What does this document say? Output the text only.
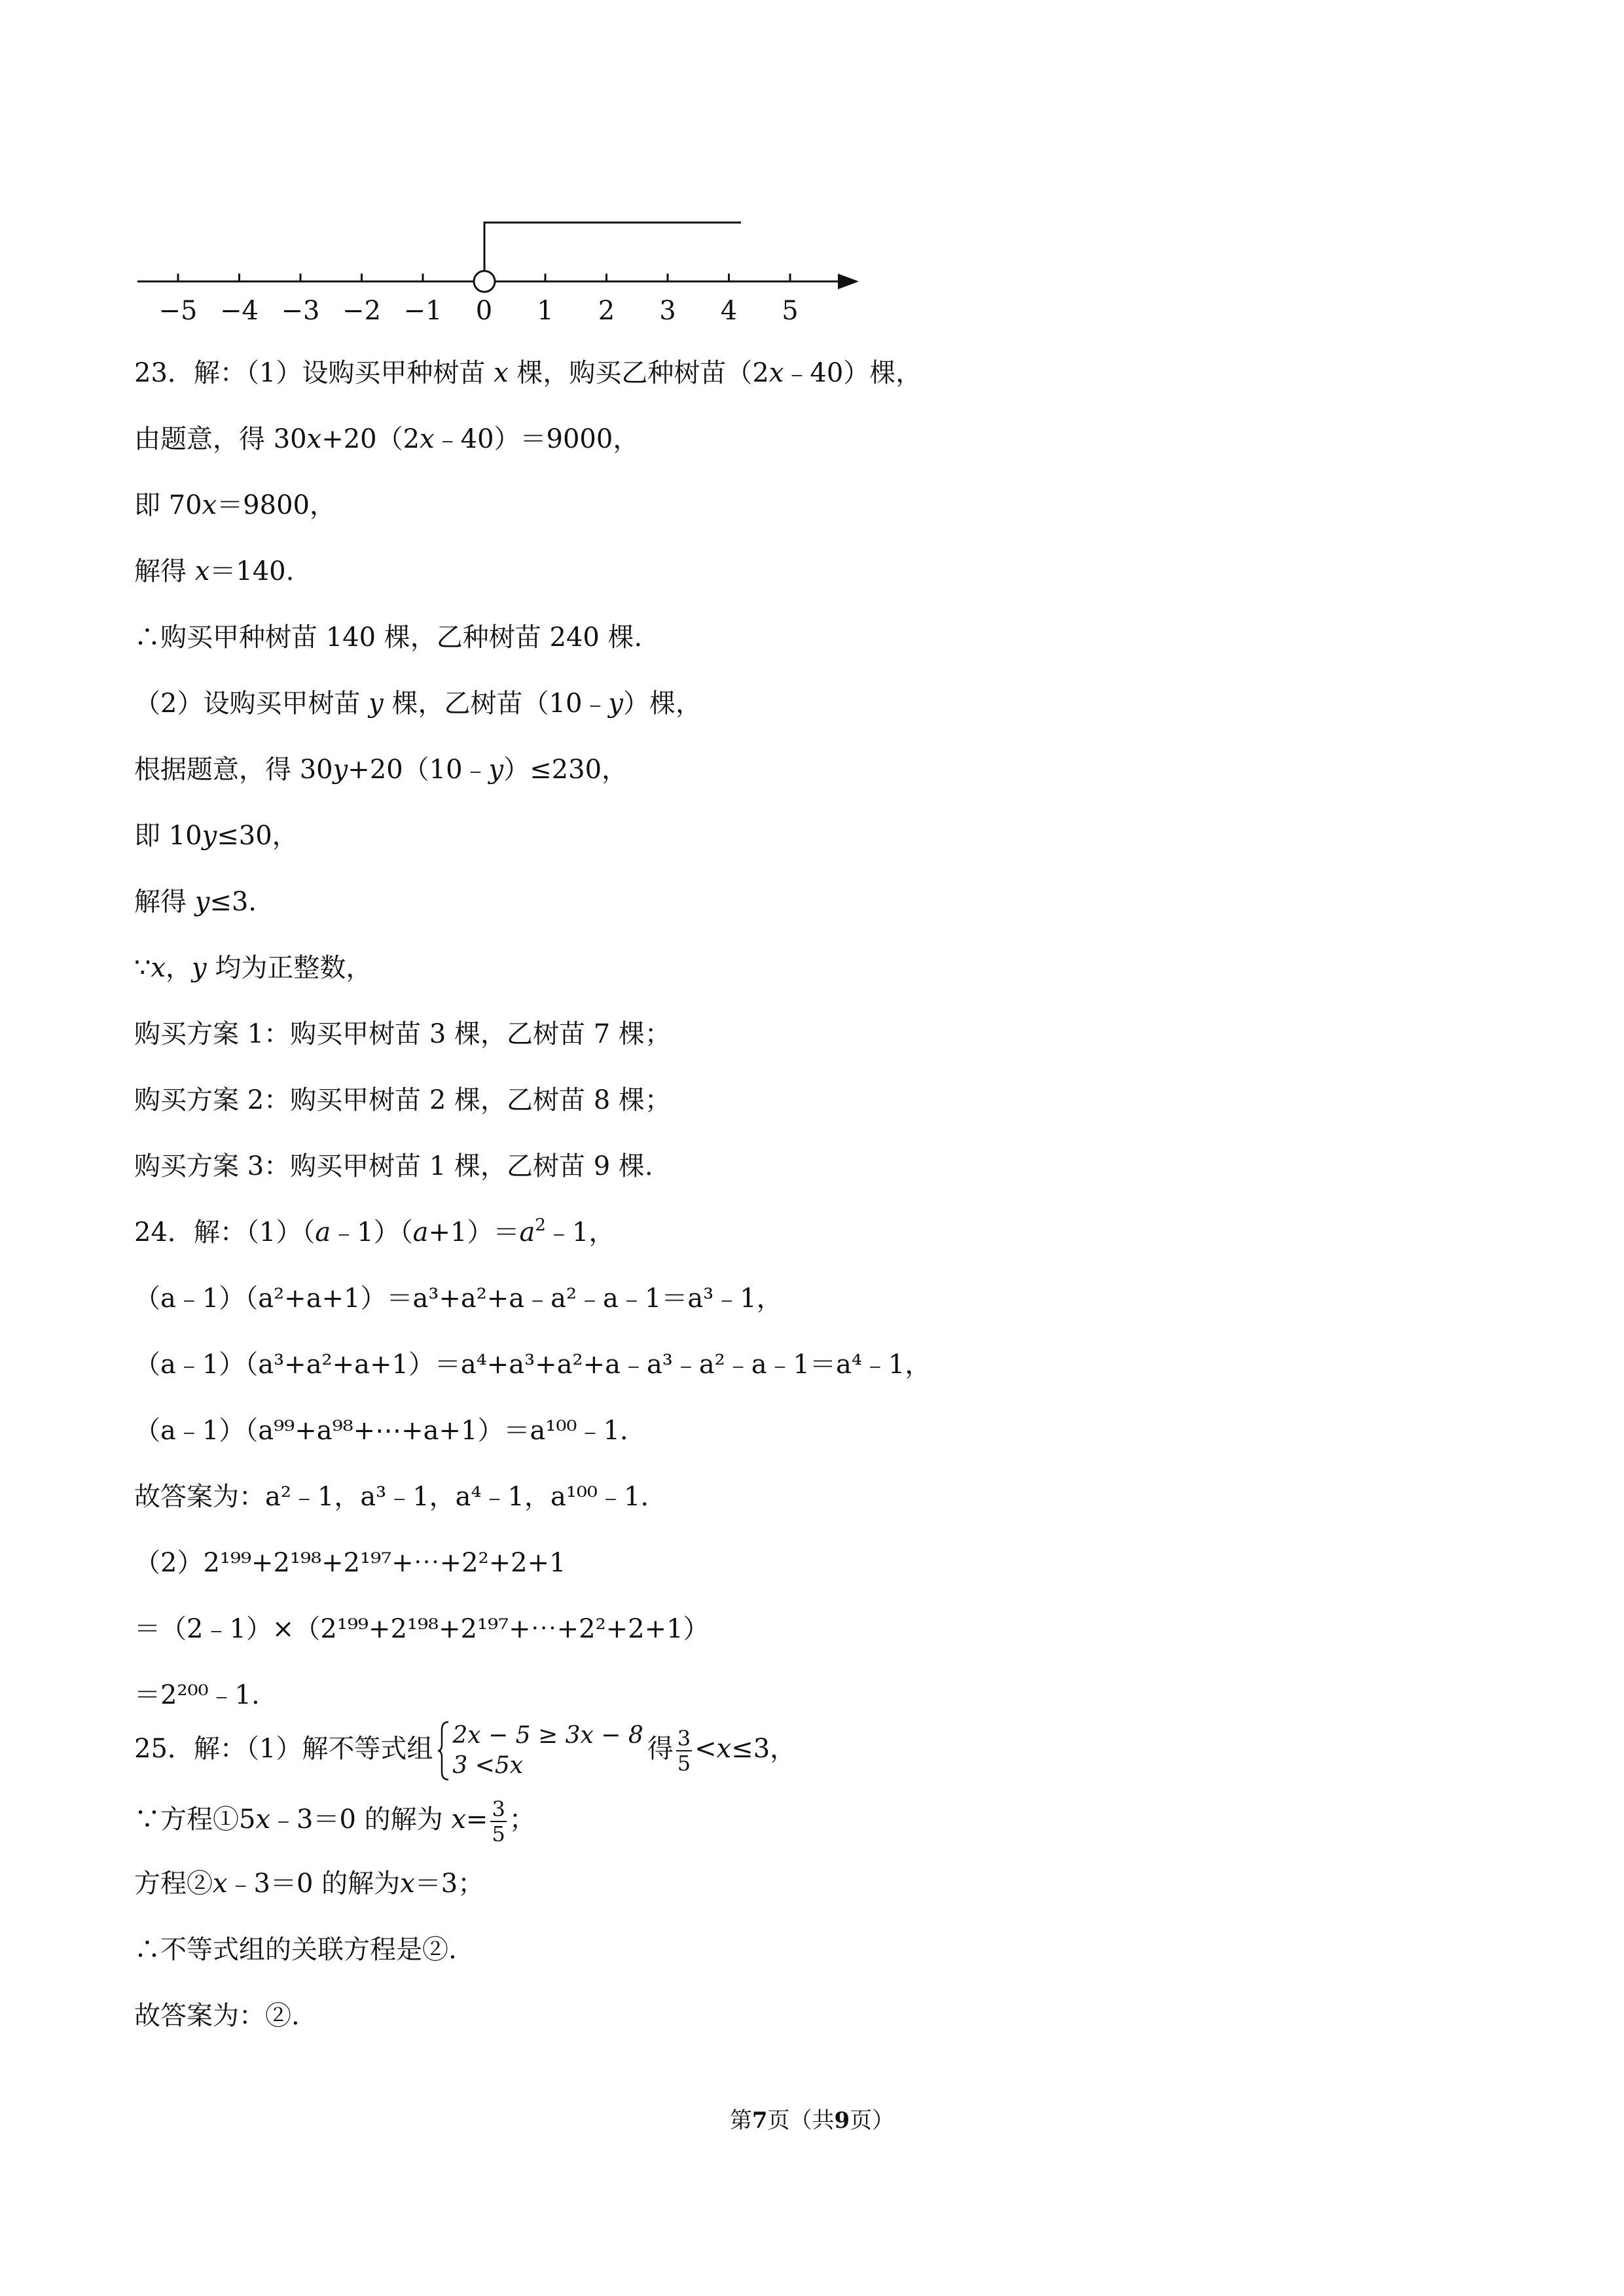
−5 −4 −3 −2 −1 0 1 2 3 4 5
23．解：（1）设购买甲种树苗 x 棵，购买乙种树苗（2x﹣40）棵，
由题意，得 30x+20（2x﹣40）＝9000，
即 70x＝9800，
解得 x＝140.
∴购买甲种树苗 140 棵，乙种树苗 240 棵.
（2）设购买甲树苗 y 棵，乙树苗（10﹣y）棵，
根据题意，得 30y+20（10﹣y）≤230，
即 10y≤30，
解得 y≤3.
∵x，y 均为正整数，
购买方案 1：购买甲树苗 3 棵，乙树苗 7 棵；
购买方案 2：购买甲树苗 2 棵，乙树苗 8 棵；
购买方案 3：购买甲树苗 1 棵，乙树苗 9 棵.
24．解：$(1)(a﹣1)(a+1)=a^2﹣1$，
（a﹣1）（a²+a+1）＝a³+a²+a﹣a²﹣a﹣1＝a³﹣1，
（a﹣1）（a³+a²+a+1）＝a⁴+a³+a²+a﹣a³﹣a²﹣a﹣1＝a⁴﹣1，
（a﹣1）（a⁹⁹+a⁹⁸+⋯+a+1）＝a¹⁰⁰﹣1.
故答案为：a²﹣1，a³﹣1，a⁴﹣1，a¹⁰⁰﹣1.
（2）2¹⁹⁹+2¹⁹⁸+2¹⁹⁷+⋯+2²+2+1
＝（2﹣1）×（2¹⁹⁹+2¹⁹⁸+2¹⁹⁷+⋯+2²+2+1）
＝2²⁰⁰﹣1.
25．解：（1）解不等式组 2x − 5 ≥ 3x − 8
3 <5x
得 $\frac{3}{5} <x\le 3$，
∵方程①5x﹣3＝0 的解为 $x= \frac{3}{5}$ ；
方程②x﹣3＝0 的解为x＝3；
∴不等式组的关联方程是②.
故答案为：②.
第7页（共9页）
